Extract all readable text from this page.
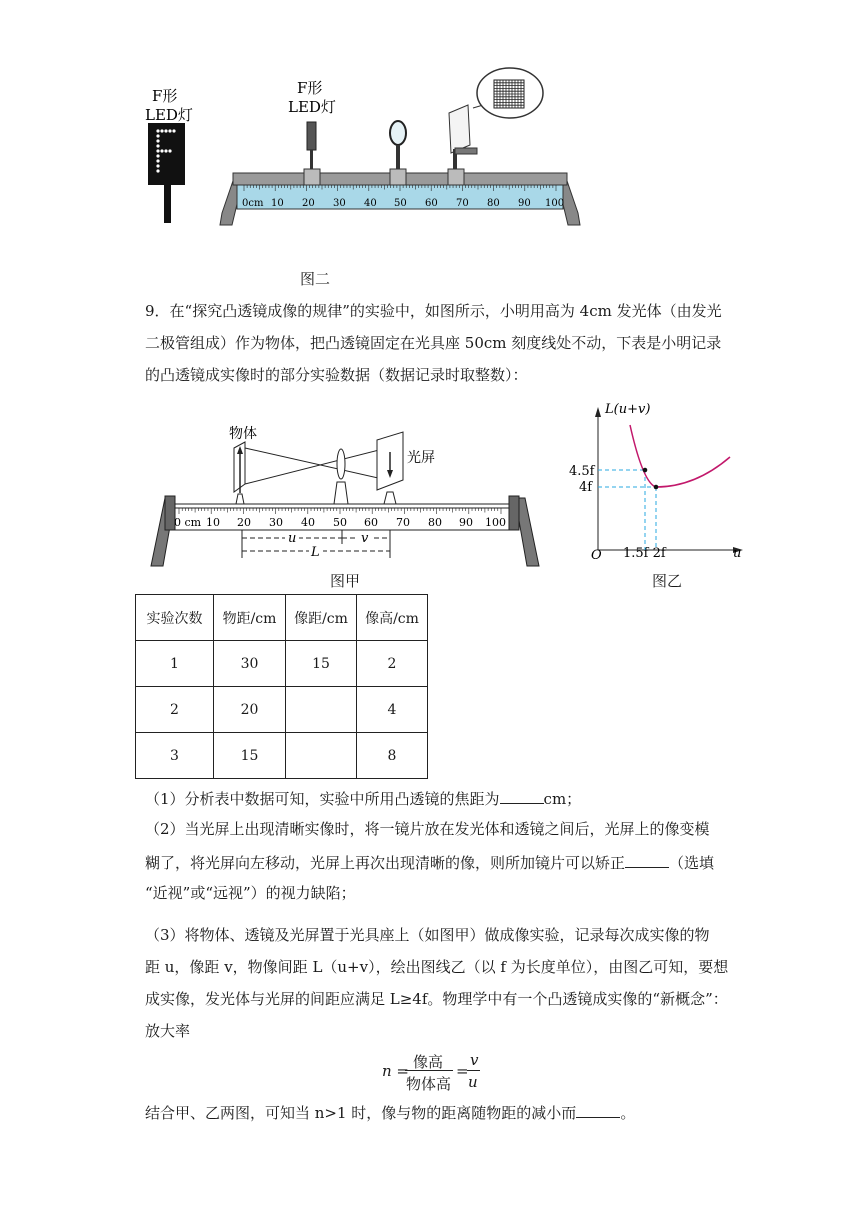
F形
LED灯
F形
LED灯
0cm 10 20 30 40 50 60 70 80 90 100
图二
9．在“探究凸透镜成像的规律”的实验中，如图所示，小明用高为 4cm 发光体（由发光
二极管组成）作为物体，把凸透镜固定在光具座 50cm 刻度线处不动，下表是小明记录
的凸透镜成实像时的部分实验数据（数据记录时取整数）：
0 cm 10 20 30 40 50 60 70 80 90 100
物体
光屏
u	v
L
图甲
L(u+v)
u
O
4.5f
4f
1.5f 2f
图乙
实验次数	物距/cm	像距/cm	像高/cm
1	30	15	2
2	20		4
3	15		8
（1）分析表中数据可知，实验中所用凸透镜的焦距为	cm；
（2）当光屏上出现清晰实像时，将一镜片放在发光体和透镜之间后，光屏上的像变模
糊了，将光屏向左移动，光屏上再次出现清晰的像，则所加镜片可以矫正	（选填
“近视”或“远视”）的视力缺陷；
（3）将物体、透镜及光屏置于光具座上（如图甲）做成像实验，记录每次成实像的物
距 u，像距 v，物像间距 L（u+v），绘出图线乙（以 f 为长度单位），由图乙可知，要想
成实像，发光体与光屏的间距应满足 L≥4f。物理学中有一个凸透镜成实像的“新概念”：
放大率
n = 像高
物体高
=
v
u
结合甲、乙两图，可知当 n>1 时，像与物的距离随物距的减小而	。
